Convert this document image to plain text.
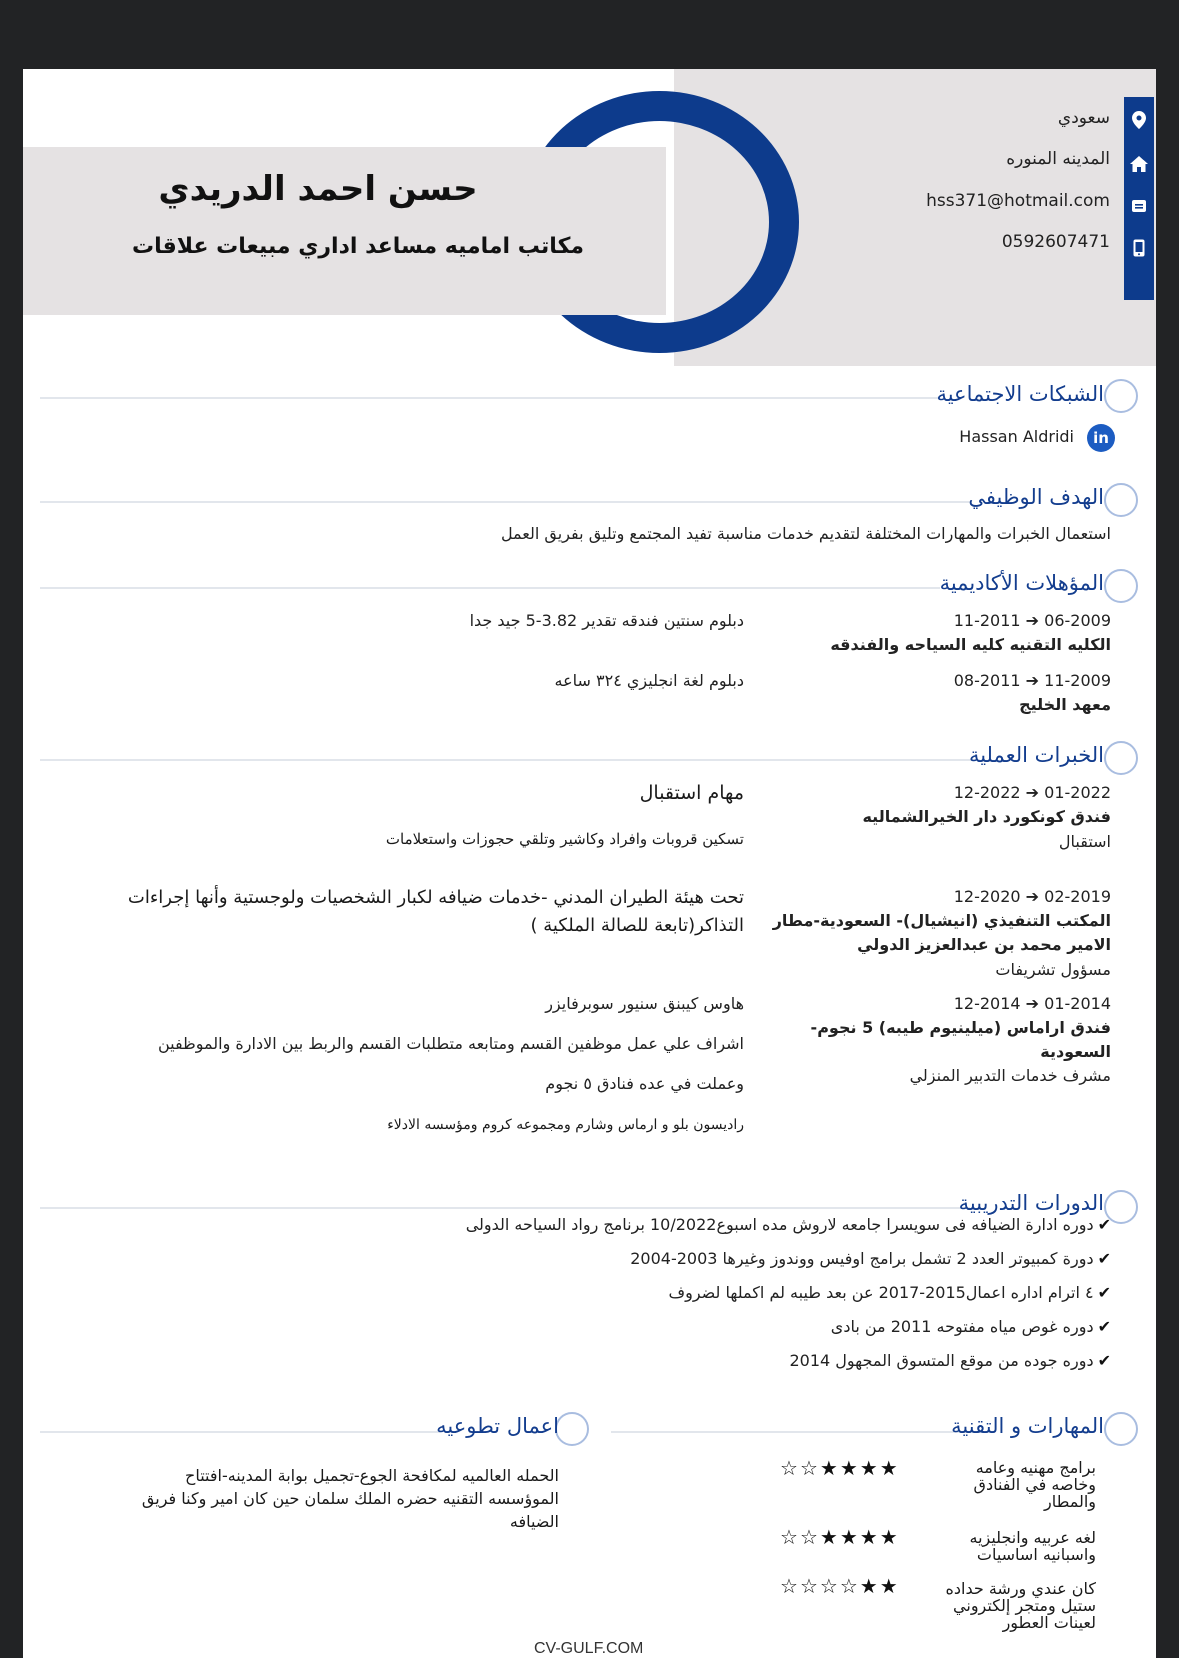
حسن احمد الدريدي
مكاتب اماميه مساعد اداري مبيعات علاقات
سعودي
المدينه المنوره
hss371@hotmail.com
0592607471
الشبكات الاجتماعية
in
Hassan Aldridi
الهدف الوظيفي
استعمال الخبرات والمهارات المختلفة لتقديم خدمات مناسبة تفيد المجتمع وتليق بفريق العمل
المؤهلات الأكاديمية
11-2011 ➔︎ 06-2009
الكليه التقنيه كليه السياحه والفندقه
دبلوم سنتين فندقه تقدير 3.82-5 جيد جدا
08-2011 ➔︎ 11-2009
معهد الخليج
دبلوم لغة انجليزي ٣٢٤ ساعه
الخبرات العملية
12-2022 ➔︎ 01-2022
فندق كونكورد دار الخيرالشماليه
استقبال
مهام استقبال
تسكين قروبات وافراد وكاشير وتلقي حجوزات واستعلامات
12-2020 ➔︎ 02-2019
المكتب التنفيذي (انيشيال)- السعودية-مطار
الامير محمد بن عبدالعزيز الدولي
مسؤول تشريفات
تحت هيئة الطيران المدني -خدمات ضيافه لكبار الشخصيات ولوجستية وأنها إجراءات
التذاكر(تابعة للصالة الملكية )
12-2014 ➔︎ 01-2014
فندق اراماس (ميلينيوم طيبه) 5 نجوم-
السعودية
مشرف خدمات التدبير المنزلي
هاوس كيبنق سنيور سوبرفايزر
اشراف علي عمل موظفين القسم ومتابعه متطلبات القسم والربط بين الادارة والموظفين
وعملت في عده فنادق ٥ نجوم
راديسون بلو و ارماس وشارم ومجموعه كروم ومؤسسه الادلاء
الدورات التدريبية
✔دوره ادارة الضيافه فى سويسرا جامعه لاروش مده اسبوع10/2022 برنامج رواد السياحه الدولى
✔دورة كمبيوتر العدد 2 تشمل برامج اوفيس ووندوز وغيرها 2003-2004
✔٤ اترام اداره اعمال2015-2017 عن بعد طيبه لم اكملها لضروف
✔دوره غوص مياه مفتوحه 2011 من بادى
✔دوره جوده من موقع المتسوق المجهول 2014
المهارات و التقنية
برامج مهنيه وعامه
وخاصه في الفنادق
والمطار
☆☆★★★★
لغه عربيه وانجليزيه
واسبانيه اساسيات
☆☆★★★★
كان عندي ورشة حداده
ستيل ومتجر إلكتروني
لعينات العطور
☆☆☆☆★★
اعمال تطوعيه
الحمله العالميه لمكافحة الجوع-تجميل بوابة المدينه-افتتاح
الموؤسسه التقنيه حضره الملك سلمان حين كان امير وكنا فريق
الضيافه
CV-GULF.COM
